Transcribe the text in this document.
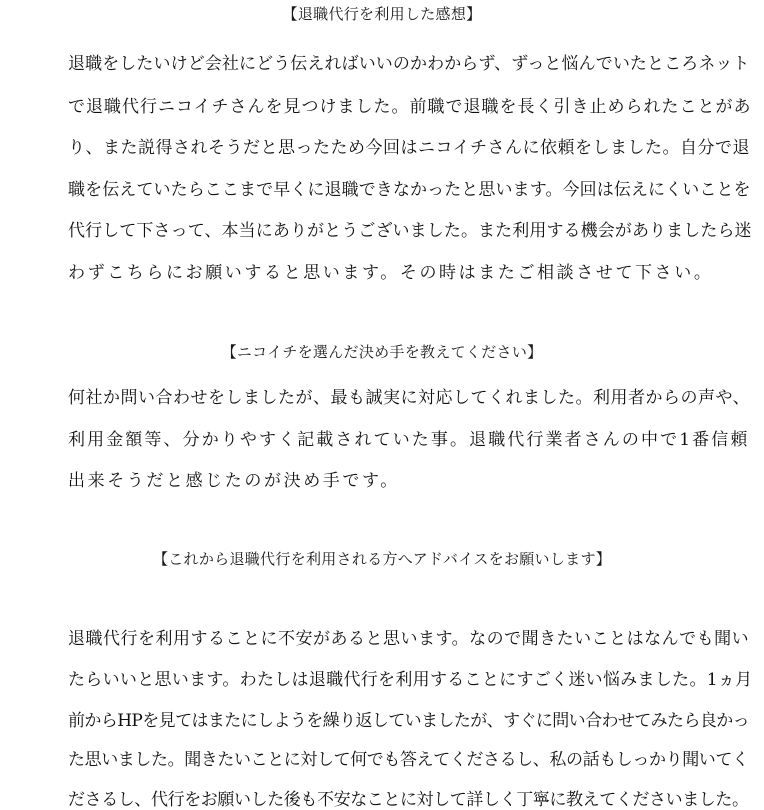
【退職代行を利用した感想】
退職をしたいけど会社にどう伝えればいいのかわからず、ずっと悩んでいたところネット
で退職代行ニコイチさんを見つけました。前職で退職を長く引き止められたことがあ
り、また説得されそうだと思ったため今回はニコイチさんに依頼をしました。自分で退
職を伝えていたらここまで早くに退職できなかったと思います。今回は伝えにくいことを
代行して下さって、本当にありがとうございました。また利用する機会がありましたら迷
わずこちらにお願いすると思います。その時はまたご相談させて下さい。
【ニコイチを選んだ決め手を教えてください】
何社か問い合わせをしましたが、最も誠実に対応してくれました。利用者からの声や、
利用金額等、分かりやすく記載されていた事。退職代行業者さんの中で1番信頼
出来そうだと感じたのが決め手です。
【これから退職代行を利用される方へアドバイスをお願いします】
退職代行を利用することに不安があると思います。なので聞きたいことはなんでも聞い
たらいいと思います。わたしは退職代行を利用することにすごく迷い悩みました。1ヵ月
前からHPを見てはまたにしようを繰り返していましたが、すぐに問い合わせてみたら良かっ
た思いました。聞きたいことに対して何でも答えてくださるし、私の話もしっかり聞いてく
ださるし、代行をお願いした後も不安なことに対して詳しく丁寧に教えてくださいました。
